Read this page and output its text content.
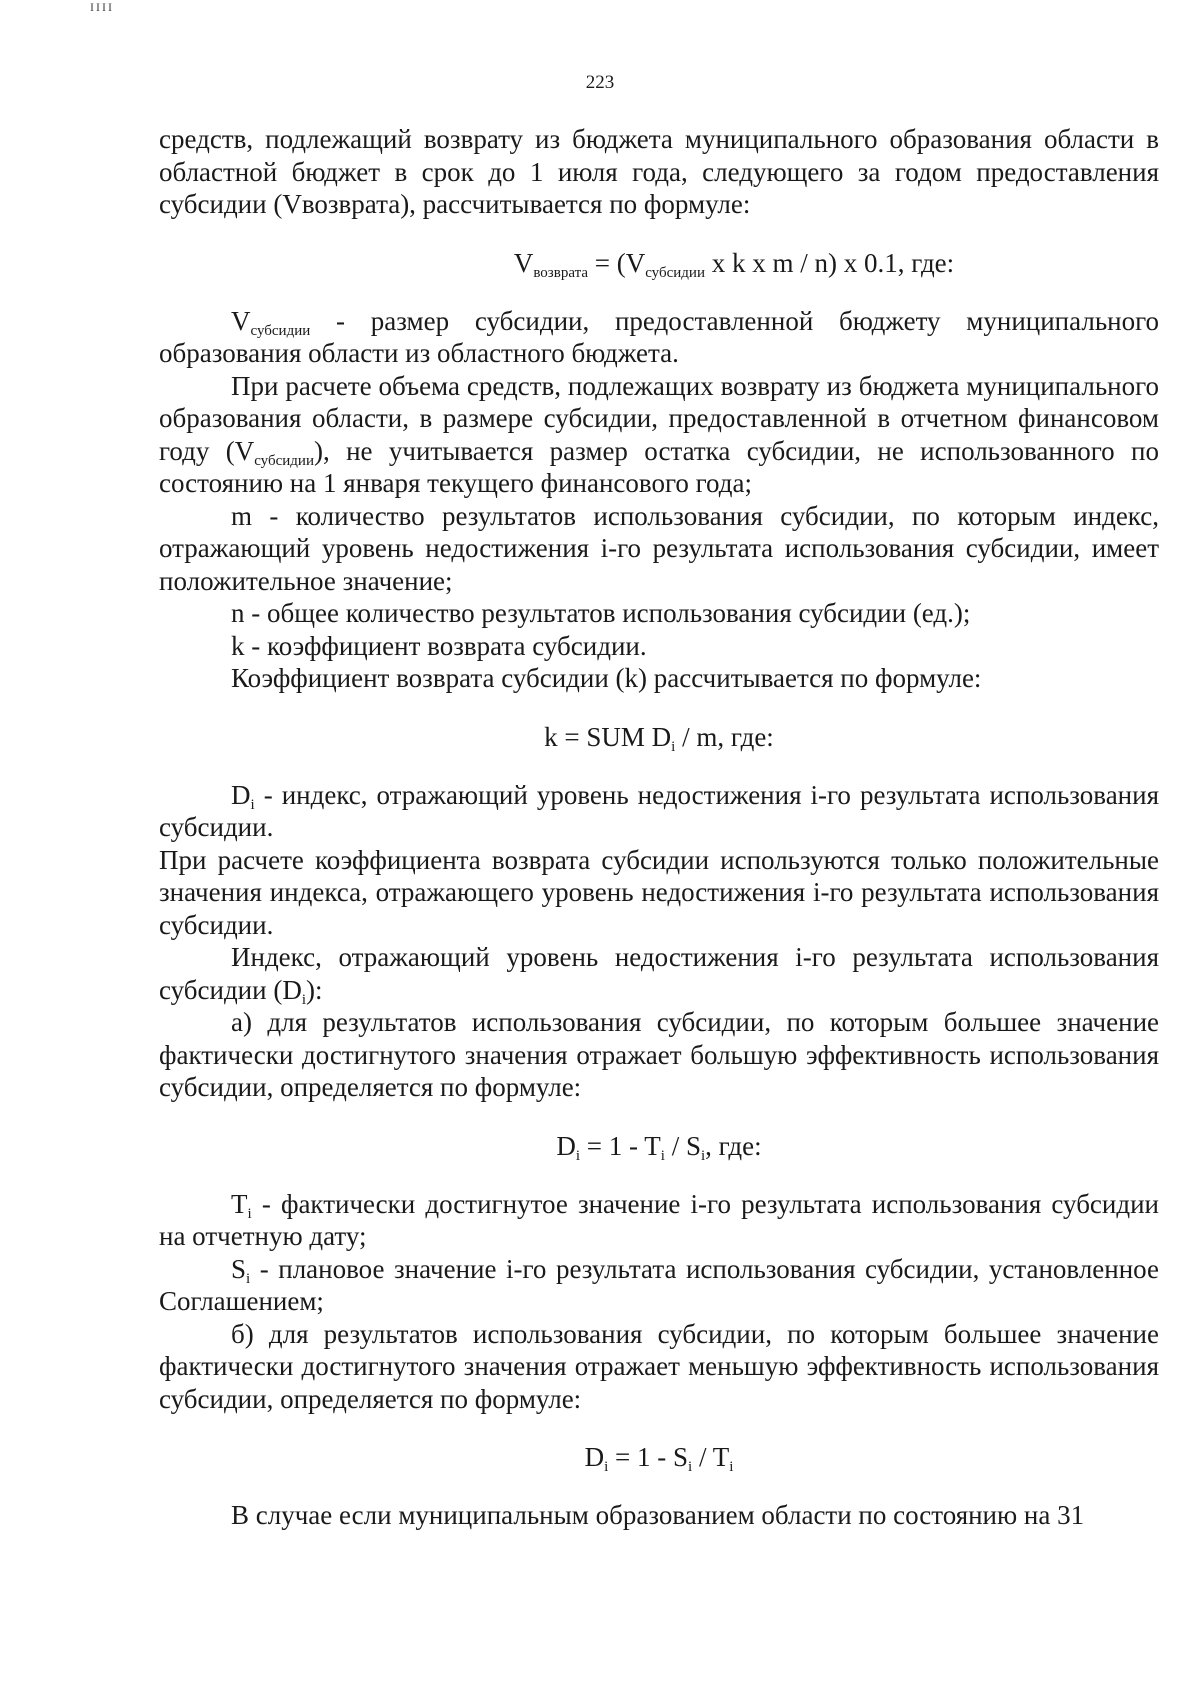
IIII
223

средств, подлежащий возврату из бюджета муниципального образования области в областной бюджет в срок до 1 июля года, следующего за годом предоставления субсидии (Vвозврата), рассчитывается по формуле:

$V_{возврата} = (V_{субсидии}$ x k x m / n) x 0.1, где:

$V_{субсидии}$ - размер субсидии, предоставленной бюджету муниципального образования области из областного бюджета.

При расчете объема средств, подлежащих возврату из бюджета муниципального образования области, в размере субсидии, предоставленной в отчетном финансовом году $(V_{субсидии})$, не учитывается размер остатка субсидии, не использованного по состоянию на 1 января текущего финансового года;

m - количество результатов использования субсидии, по которым индекс, отражающий уровень недостижения i-го результата использования субсидии, имеет положительное значение;

n - общее количество результатов использования субсидии (ед.);

k - коэффициент возврата субсидии.

Коэффициент возврата субсидии (k) рассчитывается по формуле:

k = SUM $D_i$ / m, где:

$D_i$ - индекс, отражающий уровень недостижения i-го результата использования субсидии.

При расчете коэффициента возврата субсидии используются только положительные значения индекса, отражающего уровень недостижения i-го результата использования субсидии.

Индекс, отражающий уровень недостижения i-го результата использования субсидии $(D_i)$:

а) для результатов использования субсидии, по которым большее значение фактически достигнутого значения отражает большую эффективность использования субсидии, определяется по формуле:

$D_i = 1 - T_i / S_i$, где:

$T_i$ - фактически достигнутое значение i-го результата использования субсидии на отчетную дату;

$S_i$ - плановое значение i-го результата использования субсидии, установленное Соглашением;

б) для результатов использования субсидии, по которым большее значение фактически достигнутого значения отражает меньшую эффективность использования субсидии, определяется по формуле:

$D_i = 1 - S_i / T_i$

В случае если муниципальным образованием области по состоянию на 31
